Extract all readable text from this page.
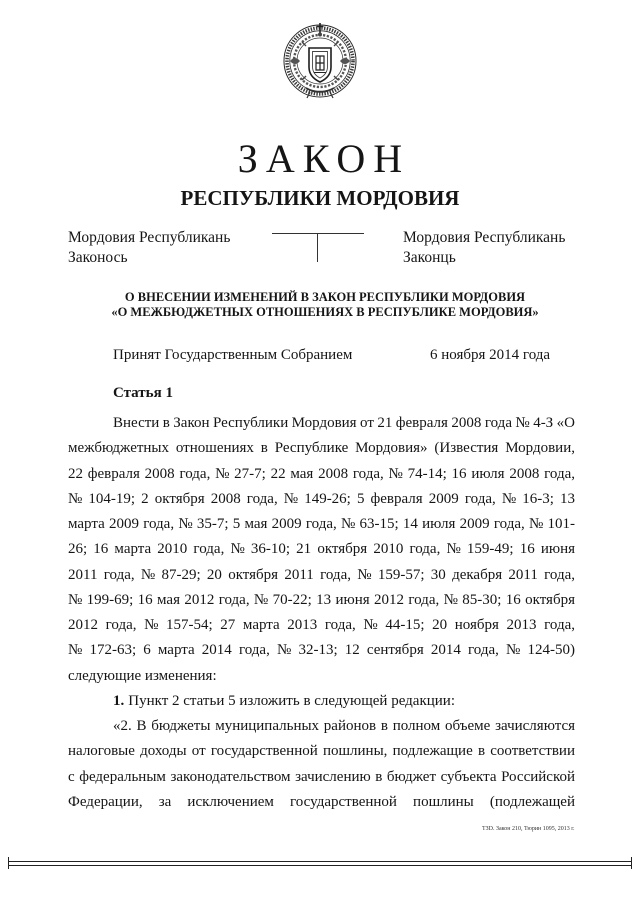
ЗАКОН
РЕСПУБЛИКИ МОРДОВИЯ
Мордовия Республикань
Законось
Мордовия Республикань
Законць
О ВНЕСЕНИИ ИЗМЕНЕНИЙ В ЗАКОН РЕСПУБЛИКИ МОРДОВИЯ
«О МЕЖБЮДЖЕТНЫХ ОТНОШЕНИЯХ В РЕСПУБЛИКЕ МОРДОВИЯ»
Принят Государственным Собранием	6 ноября 2014 года
Статья 1
Внести в Закон Республики Мордовия от 21 февраля 2008 года № 4-З «О
межбюджетных отношениях в Республике Мордовия» (Известия Мордовии,
22 февраля 2008 года, № 27-7; 22 мая 2008 года, № 74-14; 16 июля 2008 года,
№ 104-19; 2 октября 2008 года, № 149-26; 5 февраля 2009 года, № 16-3; 13
марта 2009 года, № 35-7; 5 мая 2009 года, № 63-15; 14 июля 2009 года, № 101-
26; 16 марта 2010 года, № 36-10; 21 октября 2010 года, № 159-49; 16 июня
2011 года, № 87-29; 20 октября 2011 года, № 159-57; 30 декабря 2011 года,
№ 199-69; 16 мая 2012 года, № 70-22; 13 июня 2012 года, № 85-30; 16 октября
2012 года, № 157-54; 27 марта 2013 года, № 44-15; 20 ноября 2013 года,
№ 172-63; 6 марта 2014 года, № 32-13; 12 сентября 2014 года, № 124-50)
следующие изменения:
1. Пункт 2 статьи 5 изложить в следующей редакции:
«2. В бюджеты муниципальных районов в полном объеме зачисляются
налоговые доходы от государственной пошлины, подлежащие в соответствии
с федеральным законодательством зачислению в бюджет субъекта Российской
Федерации, за исключением государственной пошлины (подлежащей
ТЗD. Закон 210, Тюрин 1095, 2013 г.
